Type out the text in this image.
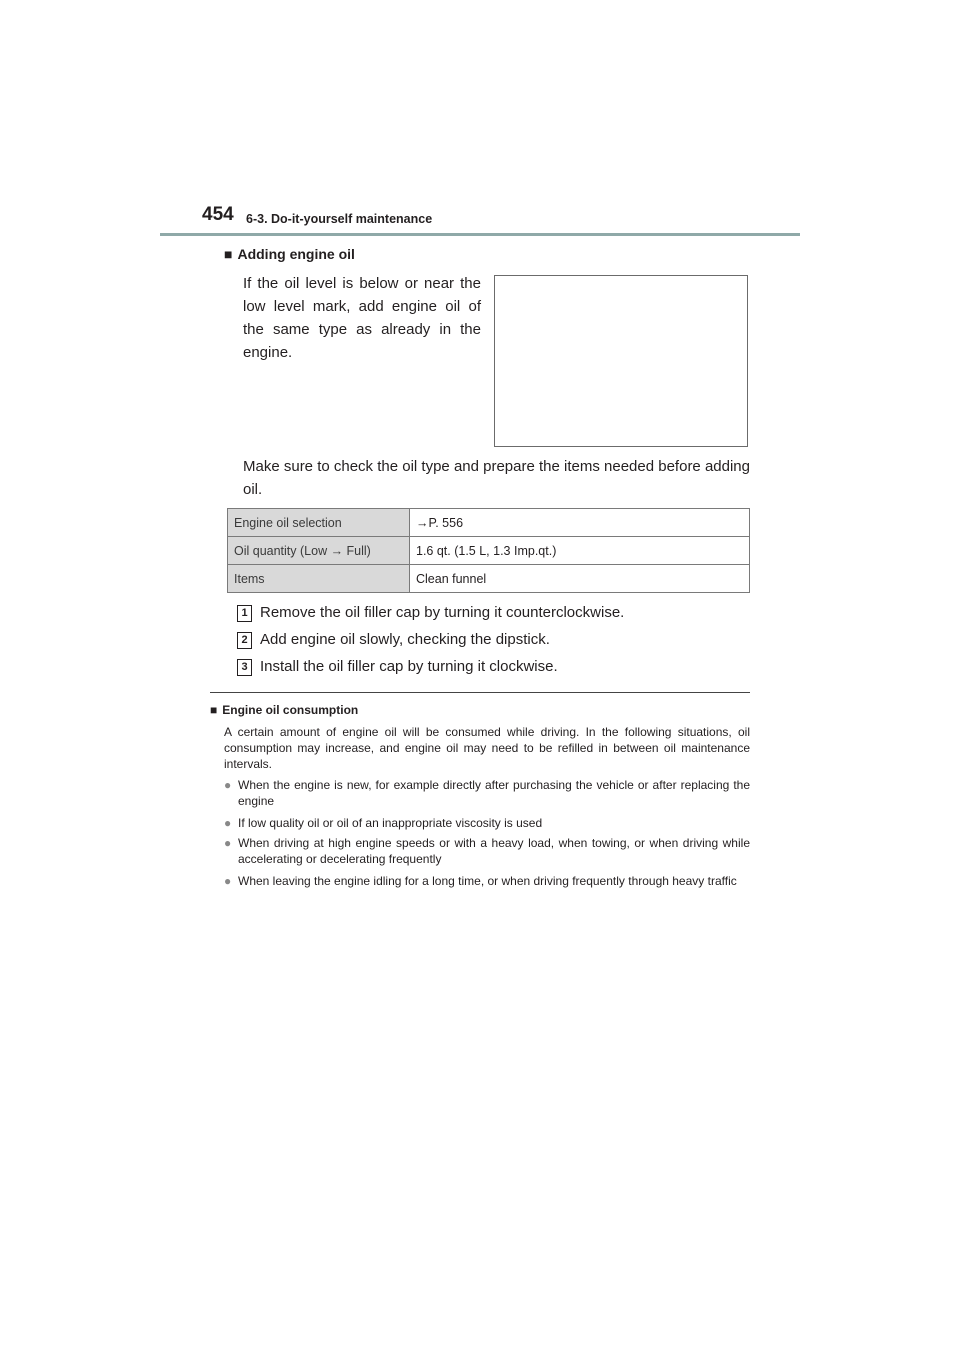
454 6-3. Do-it-yourself maintenance
■ Adding engine oil
If the oil level is below or near the low level mark, add engine oil of the same type as already in the engine.
Make sure to check the oil type and prepare the items needed before adding oil.
Engine oil selection	→P. 556
Oil quantity (Low → Full)	1.6 qt. (1.5 L, 1.3 Imp.qt.)
Items	Clean funnel
1 Remove the oil filler cap by turning it counterclockwise.
2 Add engine oil slowly, checking the dipstick.
3 Install the oil filler cap by turning it clockwise.
■ Engine oil consumption
A certain amount of engine oil will be consumed while driving. In the following situations, oil consumption may increase, and engine oil may need to be refilled in between oil maintenance intervals.
● When the engine is new, for example directly after purchasing the vehicle or after replacing the engine
● If low quality oil or oil of an inappropriate viscosity is used
● When driving at high engine speeds or with a heavy load, when towing, or when driving while accelerating or decelerating frequently
● When leaving the engine idling for a long time, or when driving frequently through heavy traffic
